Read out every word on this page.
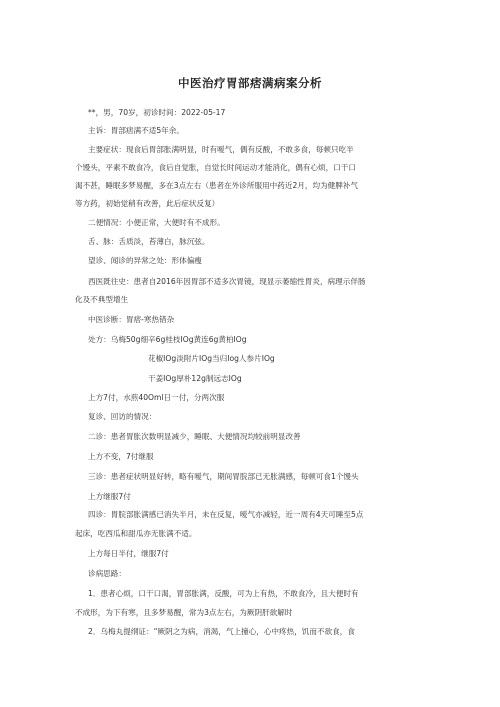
中医治疗胃部痞满病案分析
**，男，70岁，初诊时间：2022-05-17
主诉：胃部痞满不适5年余。
主要症状：现食后胃部胀满明显，时有嗳气，偶有反酸，不敢多食，每顿只吃半
个馒头，平素不敢食冷，食后自觉胀，自觉长时间运动才能消化，偶有心烦，口干口
渴不甚，睡眠多梦易醒，多在3点左右（患者在外诊所服用中药近2月，均为健脾补气
等方药，初始觉稍有改善，此后症状反复）
二便情况：小便正常，大便时有不成形。
舌、脉：舌质淡，苔薄白，脉沉弦。
望诊、闻诊的异常之处：形体偏瘦
西医既往史：患者自2016年因胃部不适多次胃镜，现显示萎缩性胃炎，病理示伴肠
化及不典型增生
中医诊断：胃痞-寒热错杂
处方：乌梅50g细辛6g桂枝IOg黄连6g黄柏IOg
花椒IOg淡附片IOg当归Iog人参片IOg
干姜IOg厚朴12g制远志IOg
上方7付，水煎40Oml日一付，分两次服
复诊、回访的情况：
二诊：患者胃胀次数明显减少，睡眠、大便情况均较前明显改善
上方不变，7付继服
三诊：患者症状明显好转，略有嗳气，期间胃脘部已无胀满感，每顿可食1个馒头
上方继服7付
四诊：胃脘部胀满感已消失半月，未在反复，嗳气亦减轻，近一周有4天可睡至5点
起床，吃西瓜和甜瓜亦无胀满不适。
上方每日半付，继服7付
诊病思路：
1．患者心烦，口干口渴，胃部胀满，反酸，可为上有热，不敢食冷，且大便时有
不成形，为下有寒，且多梦易醒，常为3点左右，为厥阴肝欲解时
2．乌梅丸提纲证：“厥阴之为病，消渴，气上撞心，心中疼热，饥而不欲食，食
